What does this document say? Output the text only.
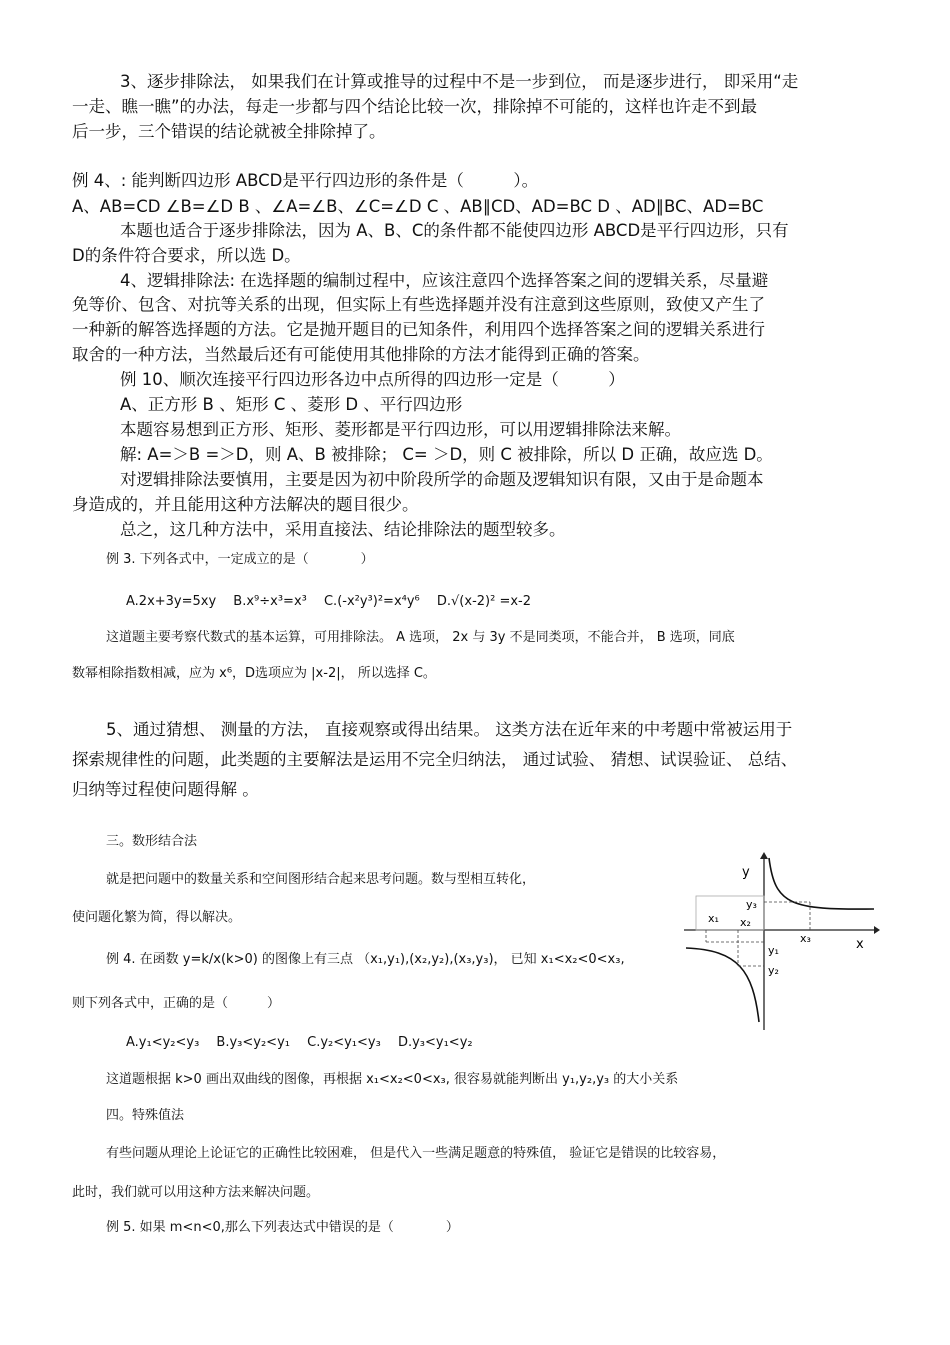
3、逐步排除法， 如果我们在计算或推导的过程中不是一步到位， 而是逐步进行， 即采用“走
一走、瞧一瞧”的办法，每走一步都与四个结论比较一次，排除掉不可能的，这样也许走不到最
后一步，三个错误的结论就被全排除掉了。
例 4、: 能判断四边形 ABCD是平行四边形的条件是（　　　）。
A、AB=CD ∠B=∠D B 、∠A=∠B、∠C=∠D C 、AB∥CD、AD=BC D 、AD∥BC、AD=BC
本题也适合于逐步排除法，因为 A、B、C的条件都不能使四边形 ABCD是平行四边形，只有
D的条件符合要求，所以选 D。
4、逻辑排除法: 在选择题的编制过程中，应该注意四个选择答案之间的逻辑关系，尽量避
免等价、包含、对抗等关系的出现，但实际上有些选择题并没有注意到这些原则，致使又产生了
一种新的解答选择题的方法。它是抛开题目的已知条件，利用四个选择答案之间的逻辑关系进行
取舍的一种方法，当然最后还有可能使用其他排除的方法才能得到正确的答案。
例 10、顺次连接平行四边形各边中点所得的四边形一定是（　　　）
A、正方形 B 、矩形 C 、菱形 D 、平行四边形
本题容易想到正方形、矩形、菱形都是平行四边形，可以用逻辑排除法来解。
解: A=＞B =＞D，则 A、B 被排除； C= ＞D，则 C 被排除，所以 D 正确，故应选 D。
对逻辑排除法要慎用，主要是因为初中阶段所学的命题及逻辑知识有限，又由于是命题本
身造成的，并且能用这种方法解决的题目很少。
总之，这几种方法中，采用直接法、结论排除法的题型较多。
例 3. 下列各式中，一定成立的是（　　　　）
A.2x+3y=5xy　 B.x⁹÷x³=x³　 C.(-x²y³)²=x⁴y⁶　 D.√(x-2)² =x-2
这道题主要考察代数式的基本运算，可用排除法。 A 选项， 2x 与 3y 不是同类项，不能合并， B 选项，同底
数幂相除指数相减，应为 x⁶，D选项应为 |x-2|， 所以选择 C。
5、通过猜想、 测量的方法， 直接观察或得出结果。 这类方法在近年来的中考题中常被运用于
探索规律性的问题，此类题的主要解法是运用不完全归纳法， 通过试验、 猜想、试误验证、 总结、
归纳等过程使问题得解 。
三。数形结合法
就是把问题中的数量关系和空间图形结合起来思考问题。数与型相互转化，
使问题化繁为简，得以解决。
例 4. 在函数 y=k/x(k>0) 的图像上有三点 （x₁,y₁),(x₂,y₂),(x₃,y₃)， 已知 x₁<x₂<0<x₃,
则下列各式中，正确的是（　　　）
A.y₁<y₂<y₃　 B.y₃<y₂<y₁　 C.y₂<y₁<y₃　 D.y₃<y₁<y₂
这道题根据 k>0 画出双曲线的图像，再根据 x₁<x₂<0<x₃, 很容易就能判断出 y₁,y₂,y₃ 的大小关系
四。特殊值法
有些问题从理论上论证它的正确性比较困难， 但是代入一些满足题意的特殊值， 验证它是错误的比较容易，
此时，我们就可以用这种方法来解决问题。
例 5. 如果 m<n<0,那么下列表达式中错误的是（　　　　）
y
x
y₃
x₁ x₂
x₃
y₁
y₂
